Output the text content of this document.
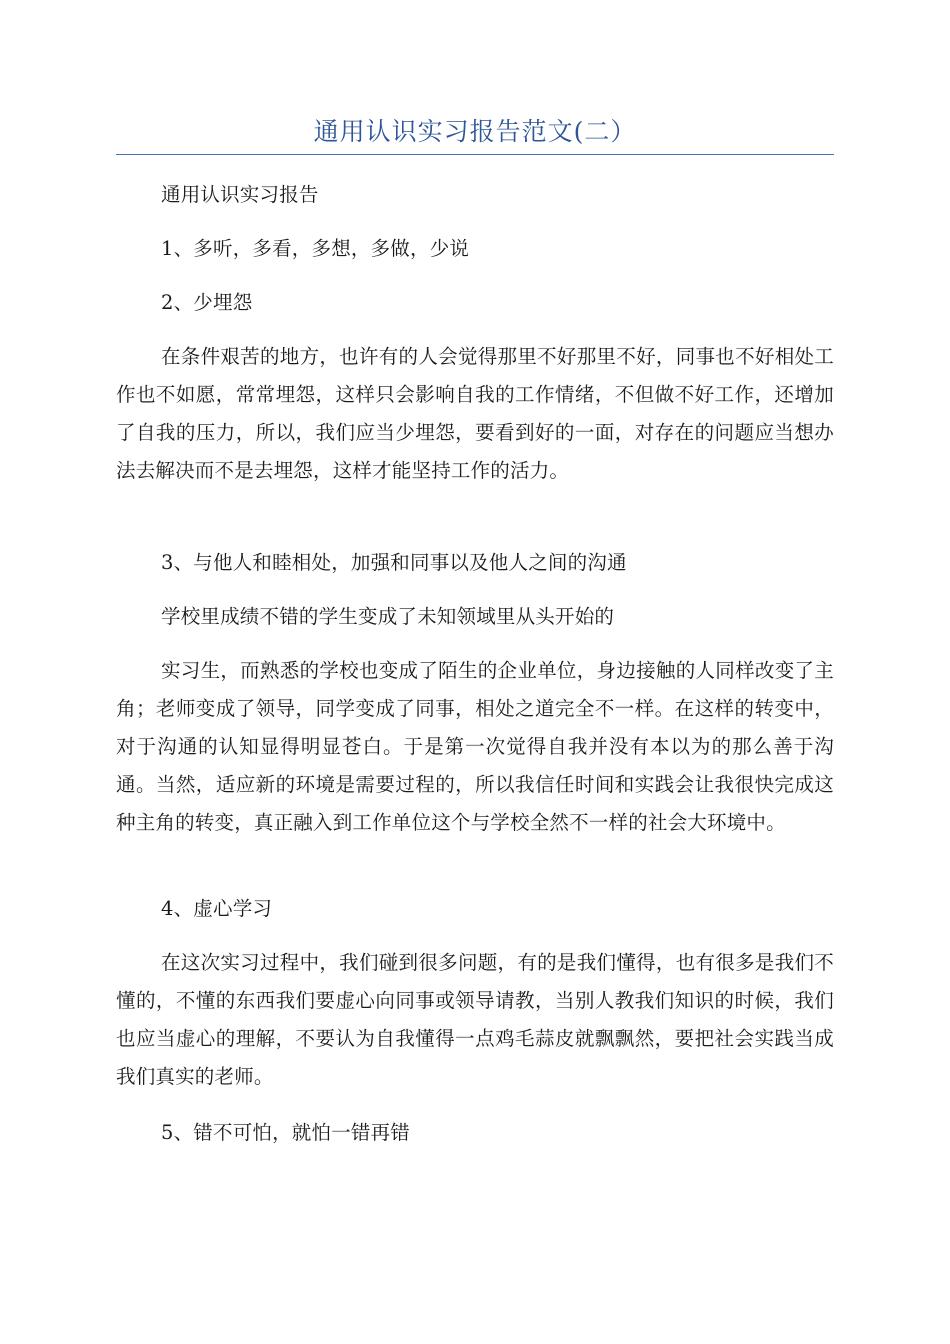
通用认识实习报告范文(二）

通用认识实习报告

1、多听，多看，多想，多做，少说

2、少埋怨

在条件艰苦的地方，也许有的人会觉得那里不好那里不好，同事也不好相处工作也不如愿，常常埋怨，这样只会影响自我的工作情绪，不但做不好工作，还增加了自我的压力，所以，我们应当少埋怨，要看到好的一面，对存在的问题应当想办法去解决而不是去埋怨，这样才能坚持工作的活力。

3、与他人和睦相处，加强和同事以及他人之间的沟通

学校里成绩不错的学生变成了未知领域里从头开始的

实习生，而熟悉的学校也变成了陌生的企业单位，身边接触的人同样改变了主角；老师变成了领导，同学变成了同事，相处之道完全不一样。在这样的转变中，对于沟通的认知显得明显苍白。于是第一次觉得自我并没有本以为的那么善于沟通。当然，适应新的环境是需要过程的，所以我信任时间和实践会让我很快完成这种主角的转变，真正融入到工作单位这个与学校全然不一样的社会大环境中。

4、虚心学习

在这次实习过程中，我们碰到很多问题，有的是我们懂得，也有很多是我们不懂的，不懂的东西我们要虚心向同事或领导请教，当别人教我们知识的时候，我们也应当虚心的理解，不要认为自我懂得一点鸡毛蒜皮就飘飘然，要把社会实践当成我们真实的老师。

5、错不可怕，就怕一错再错
